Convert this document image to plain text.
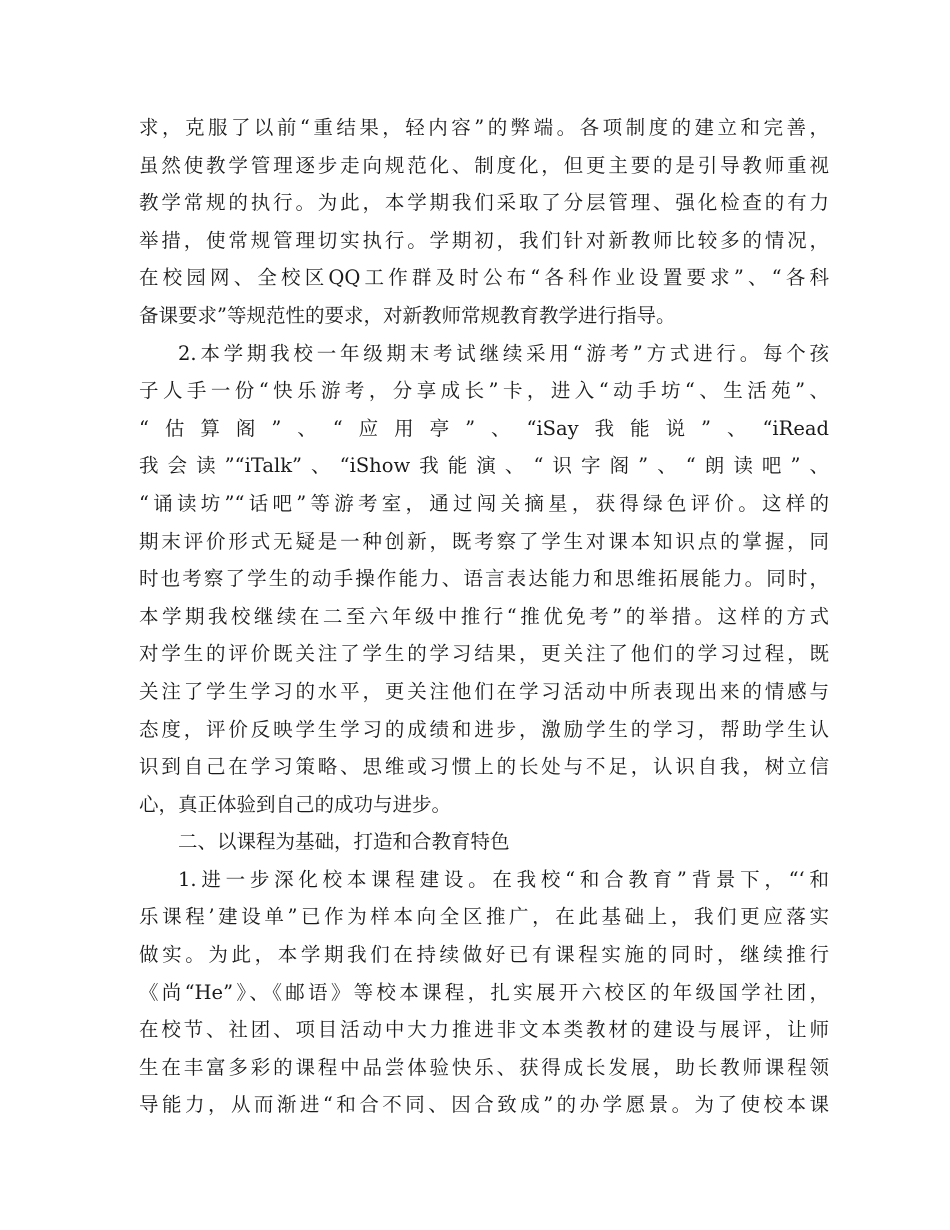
求，克服了以前“重结果，轻内容”的弊端。各项制度的建立和完善，
虽然使教学管理逐步走向规范化、制度化，但更主要的是引导教师重视
教学常规的执行。为此，本学期我们采取了分层管理、强化检查的有力
举措，使常规管理切实执行。学期初，我们针对新教师比较多的情况，
在校园网、全校区QQ工作群及时公布“各科作业设置要求”、“各科
备课要求”等规范性的要求，对新教师常规教育教学进行指导。
2.本学期我校一年级期末考试继续采用“游考”方式进行。每个孩
子人手一份“快乐游考，分享成长”卡，进入“动手坊“、生活苑”、
“估算阁”、“应用亭”、“iSay我能说”、“iRead
我会读”“iTalk”、“iShow我能演、“识字阁”、“朗读吧”、
“诵读坊”“话吧”等游考室，通过闯关摘星，获得绿色评价。这样的
期末评价形式无疑是一种创新，既考察了学生对课本知识点的掌握，同
时也考察了学生的动手操作能力、语言表达能力和思维拓展能力。同时，
本学期我校继续在二至六年级中推行“推优免考”的举措。这样的方式
对学生的评价既关注了学生的学习结果，更关注了他们的学习过程，既
关注了学生学习的水平，更关注他们在学习活动中所表现出来的情感与
态度，评价反映学生学习的成绩和进步，激励学生的学习，帮助学生认
识到自己在学习策略、思维或习惯上的长处与不足，认识自我，树立信
心，真正体验到自己的成功与进步。
二、以课程为基础，打造和合教育特色
1.进一步深化校本课程建设。在我校“和合教育”背景下，“‘和
乐课程’建设单”已作为样本向全区推广，在此基础上，我们更应落实
做实。为此，本学期我们在持续做好已有课程实施的同时，继续推行
《尚“He”》、《邮语》等校本课程，扎实展开六校区的年级国学社团，
在校节、社团、项目活动中大力推进非文本类教材的建设与展评，让师
生在丰富多彩的课程中品尝体验快乐、获得成长发展，助长教师课程领
导能力，从而渐进“和合不同、因合致成”的办学愿景。为了使校本课
